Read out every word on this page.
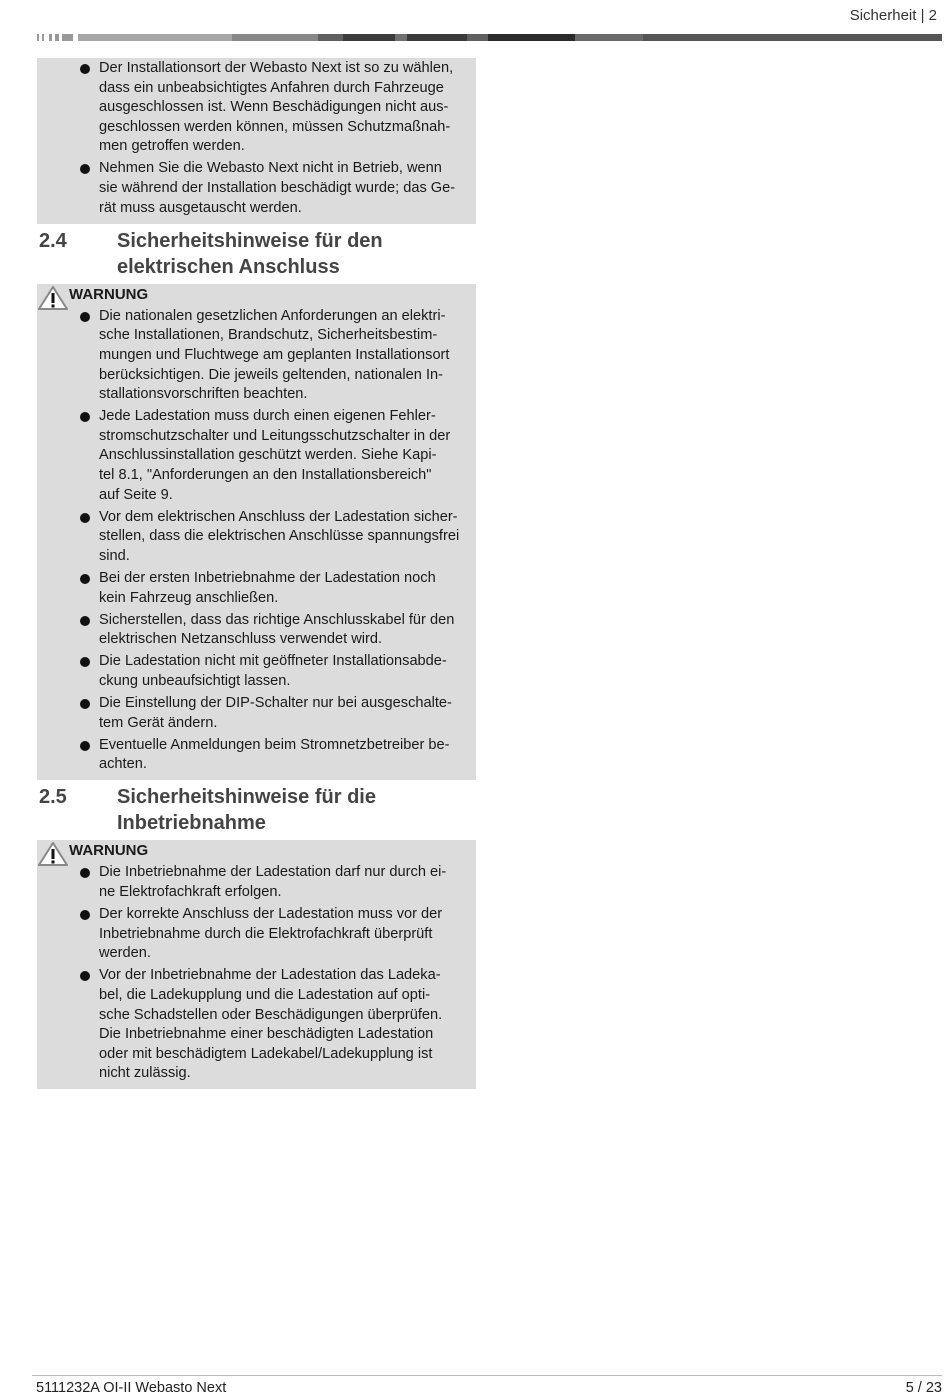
Sicherheit | 2
Der Installationsort der Webasto Next ist so zu wählen,
dass ein unbeabsichtigtes Anfahren durch Fahrzeuge
ausgeschlossen ist. Wenn Beschädigungen nicht aus-
geschlossen werden können, müssen Schutzmaßnah-
men getroffen werden.
Nehmen Sie die Webasto Next nicht in Betrieb, wenn
sie während der Installation beschädigt wurde; das Ge-
rät muss ausgetauscht werden.
2.4	Sicherheitshinweise für den
elektrischen Anschluss
WARNUNG
Die nationalen gesetzlichen Anforderungen an elektri-
sche Installationen, Brandschutz, Sicherheitsbestim-
mungen und Fluchtwege am geplanten Installationsort
berücksichtigen. Die jeweils geltenden, nationalen In-
stallationsvorschriften beachten.
Jede Ladestation muss durch einen eigenen Fehler-
stromschutzschalter und Leitungsschutzschalter in der
Anschlussinstallation geschützt werden. Siehe Kapi-
tel 8.1, "Anforderungen an den Installationsbereich"
auf Seite 9.
Vor dem elektrischen Anschluss der Ladestation sicher-
stellen, dass die elektrischen Anschlüsse spannungsfrei
sind.
Bei der ersten Inbetriebnahme der Ladestation noch
kein Fahrzeug anschließen.
Sicherstellen, dass das richtige Anschlusskabel für den
elektrischen Netzanschluss verwendet wird.
Die Ladestation nicht mit geöffneter Installationsabde-
ckung unbeaufsichtigt lassen.
Die Einstellung der DIP-Schalter nur bei ausgeschalte-
tem Gerät ändern.
Eventuelle Anmeldungen beim Stromnetzbetreiber be-
achten.
2.5	Sicherheitshinweise für die
Inbetriebnahme
WARNUNG
Die Inbetriebnahme der Ladestation darf nur durch ei-
ne Elektrofachkraft erfolgen.
Der korrekte Anschluss der Ladestation muss vor der
Inbetriebnahme durch die Elektrofachkraft überprüft
werden.
Vor der Inbetriebnahme der Ladestation das Ladeka-
bel, die Ladekupplung und die Ladestation auf opti-
sche Schadstellen oder Beschädigungen überprüfen.
Die Inbetriebnahme einer beschädigten Ladestation
oder mit beschädigtem Ladekabel/Ladekupplung ist
nicht zulässig.
5111232A OI-II Webasto Next	5 / 23
